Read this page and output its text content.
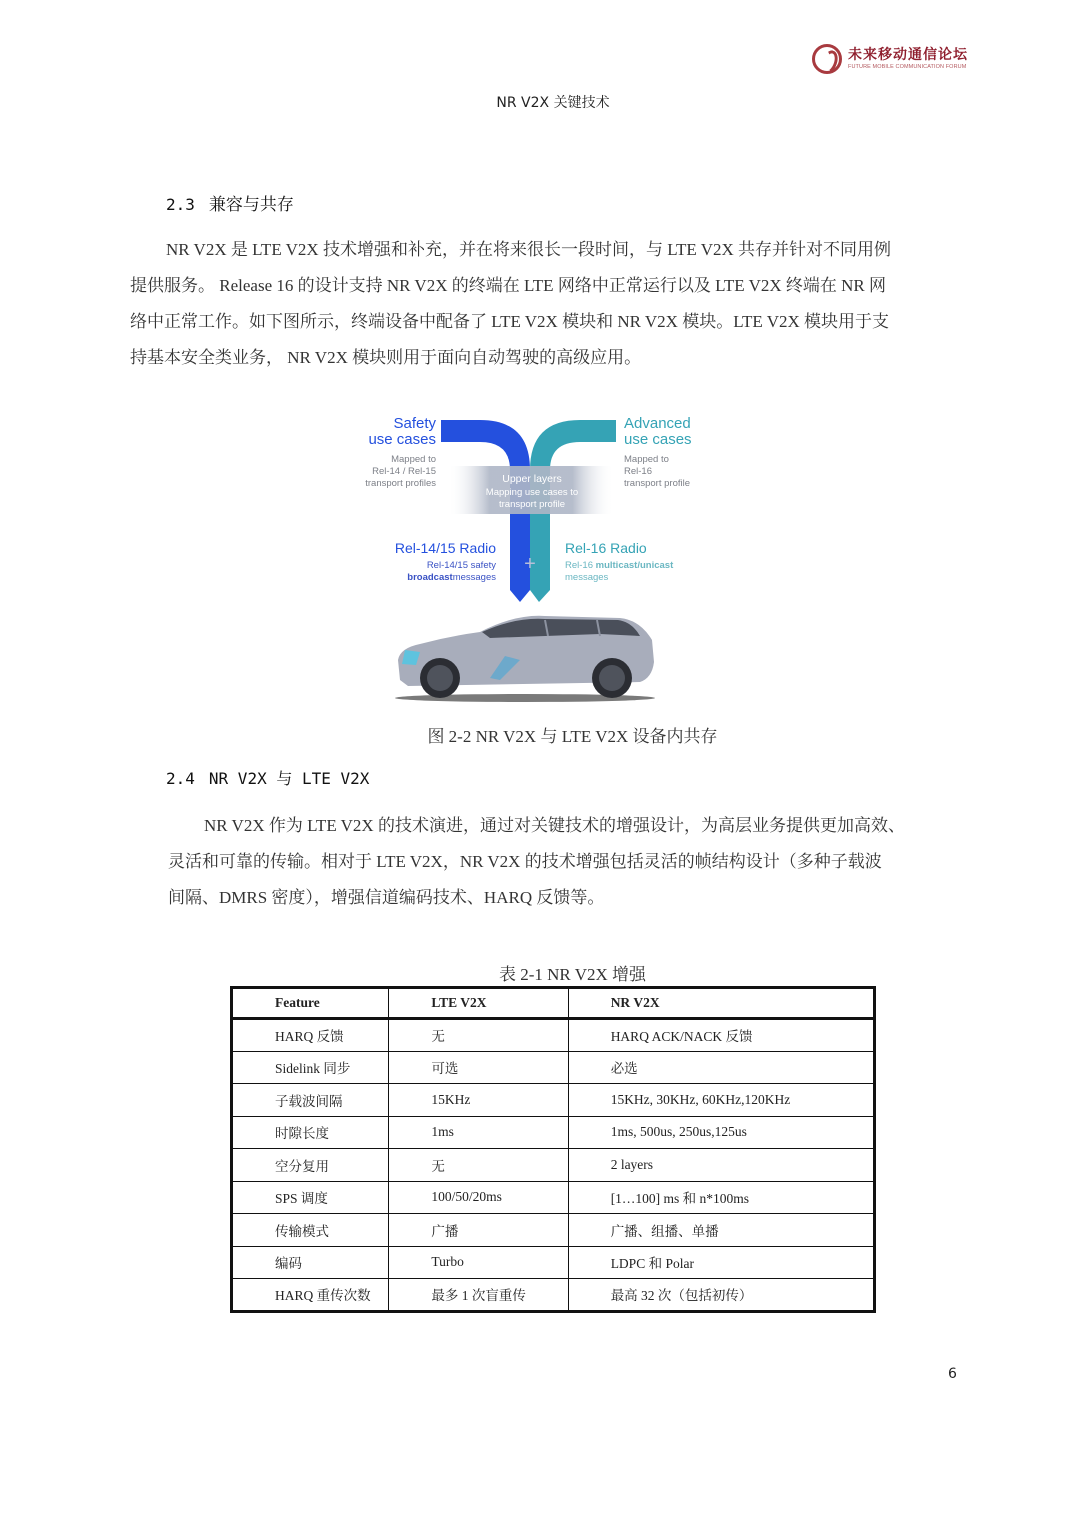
未来移动通信论坛
FUTURE MOBILE COMMUNICATION FORUM
NR V2X 关键技术
2.3 兼容与共存
NR V2X 是 LTE V2X 技术增强和补充，并在将来很长一段时间，与 LTE V2X 共存并针对不同用例
提供服务。 Release 16 的设计支持 NR V2X 的终端在 LTE 网络中正常运行以及 LTE V2X 终端在 NR 网
络中正常工作。如下图所示，终端设备中配备了 LTE V2X 模块和 NR V2X 模块。LTE V2X 模块用于支
持基本安全类业务， NR V2X 模块则用于面向自动驾驶的高级应用。
Upper layers
Mapping use cases to
transport profile
Safety
use cases
Mapped to
Rel-14 / Rel-15
transport profiles
Advanced
use cases
Mapped to
Rel-16
transport profile
Rel-14/15 Radio
Rel-14/15 safety
broadcastmessages
+
Rel-16 Radio
Rel-16 multicast/unicast
messages
图 2-2 NR V2X 与 LTE V2X 设备内共存
2.4 NR V2X 与 LTE V2X
NR V2X 作为 LTE V2X 的技术演进，通过对关键技术的增强设计，为高层业务提供更加高效、
灵活和可靠的传输。相对于 LTE V2X，NR V2X 的技术增强包括灵活的帧结构设计（多种子载波
间隔、DMRS 密度），增强信道编码技术、HARQ 反馈等。
表 2-1 NR V2X 增强
Feature	LTE V2X	NR V2X
HARQ 反馈	无	HARQ ACK/NACK 反馈
Sidelink 同步	可选	必选
子载波间隔	15KHz	15KHz, 30KHz, 60KHz,120KHz
时隙长度	1ms	1ms, 500us, 250us,125us
空分复用	无	2 layers
SPS 调度	100/50/20ms	[1…100] ms 和 n*100ms
传输模式	广播	广播、组播、单播
编码	Turbo	LDPC 和 Polar
HARQ 重传次数	最多 1 次盲重传	最高 32 次（包括初传）
6
